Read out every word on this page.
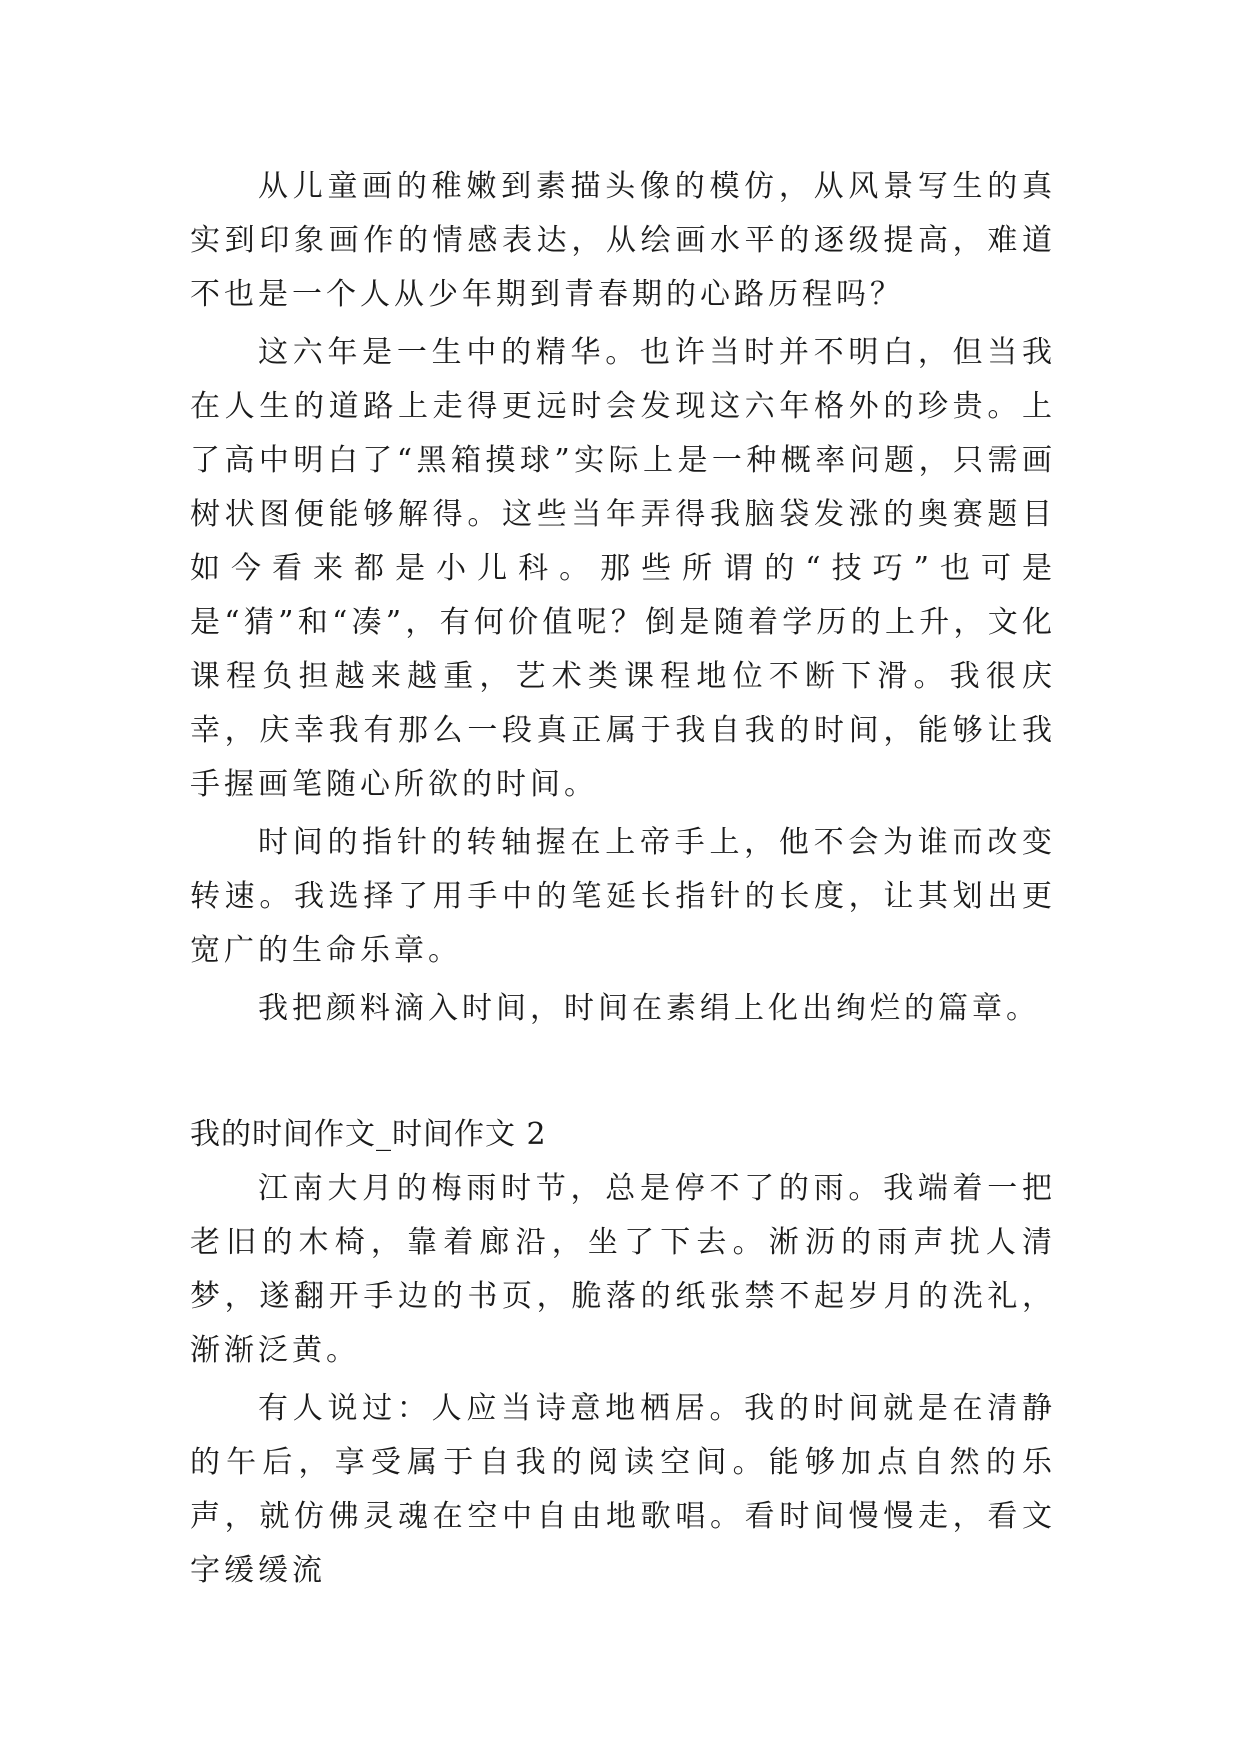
从儿童画的稚嫩到素描头像的模仿，从风景写生的真实到印象画作的情感表达，从绘画水平的逐级提高，难道不也是一个人从少年期到青春期的心路历程吗？

这六年是一生中的精华。也许当时并不明白，但当我在人生的道路上走得更远时会发现这六年格外的珍贵。上了高中明白了“黑箱摸球”实际上是一种概率问题，只需画树状图便能够解得。这些当年弄得我脑袋发涨的奥赛题目如今看来都是小儿科。那些所谓的“技巧”也可是是“猜”和“凑”，有何价值呢？倒是随着学历的上升，文化课程负担越来越重，艺术类课程地位不断下滑。我很庆幸，庆幸我有那么一段真正属于我自我的时间，能够让我手握画笔随心所欲的时间。

时间的指针的转轴握在上帝手上，他不会为谁而改变转速。我选择了用手中的笔延长指针的长度，让其划出更宽广的生命乐章。

我把颜料滴入时间，时间在素绢上化出绚烂的篇章。

我的时间作文_时间作文 2

江南大月的梅雨时节，总是停不了的雨。我端着一把老旧的木椅，靠着廊沿，坐了下去。淅沥的雨声扰人清梦，遂翻开手边的书页，脆落的纸张禁不起岁月的洗礼，渐渐泛黄。

有人说过：人应当诗意地栖居。我的时间就是在清静的午后，享受属于自我的阅读空间。能够加点自然的乐声，就仿佛灵魂在空中自由地歌唱。看时间慢慢走，看文字缓缓流
